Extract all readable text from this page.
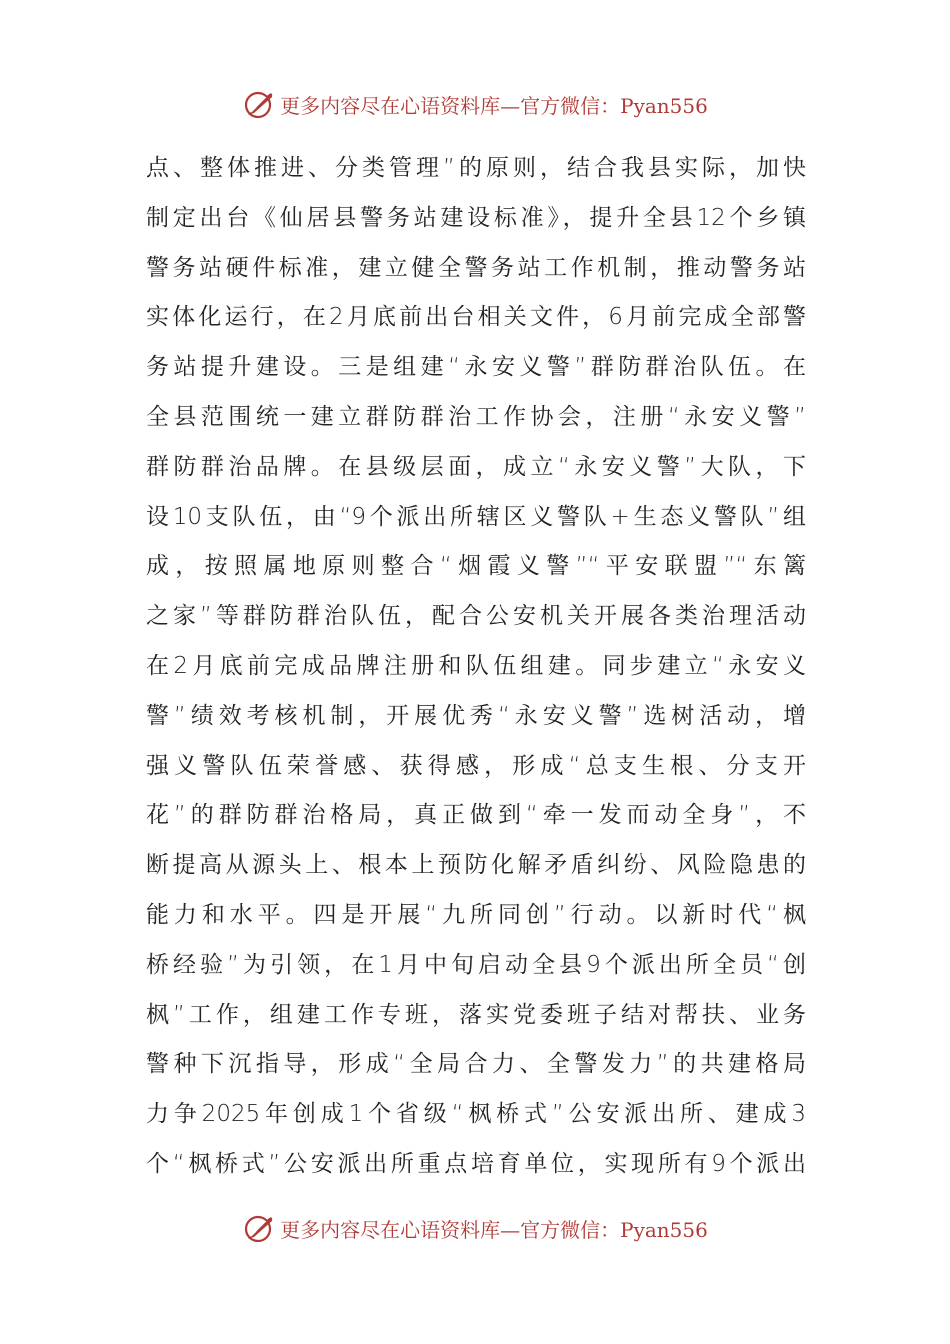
更多内容尽在心语资料库—官方微信：Pyan556
点、整体推进、分类管理”的原则，结合我县实际，加快
制定出台《仙居县警务站建设标准》，提升全县12个乡镇
警务站硬件标准，建立健全警务站工作机制，推动警务站
实体化运行，在2月底前出台相关文件，6月前完成全部警
务站提升建设。三是组建“永安义警”群防群治队伍。在
全县范围统一建立群防群治工作协会，注册“永安义警”
群防群治品牌。在县级层面，成立“永安义警”大队，下
设10支队伍，由“9个派出所辖区义警队+生态义警队”组
成，按照属地原则整合“烟霞义警”“平安联盟”“东篱
之家”等群防群治队伍，配合公安机关开展各类治理活动
在2月底前完成品牌注册和队伍组建。同步建立“永安义
警”绩效考核机制，开展优秀“永安义警”选树活动，增
强义警队伍荣誉感、获得感，形成“总支生根、分支开
花”的群防群治格局，真正做到“牵一发而动全身”，不
断提高从源头上、根本上预防化解矛盾纠纷、风险隐患的
能力和水平。四是开展“九所同创”行动。以新时代“枫
桥经验”为引领，在1月中旬启动全县9个派出所全员“创
枫”工作，组建工作专班，落实党委班子结对帮扶、业务
警种下沉指导，形成“全局合力、全警发力”的共建格局
力争2025年创成1个省级“枫桥式”公安派出所、建成3
个“枫桥式”公安派出所重点培育单位，实现所有9个派出
更多内容尽在心语资料库—官方微信：Pyan556
